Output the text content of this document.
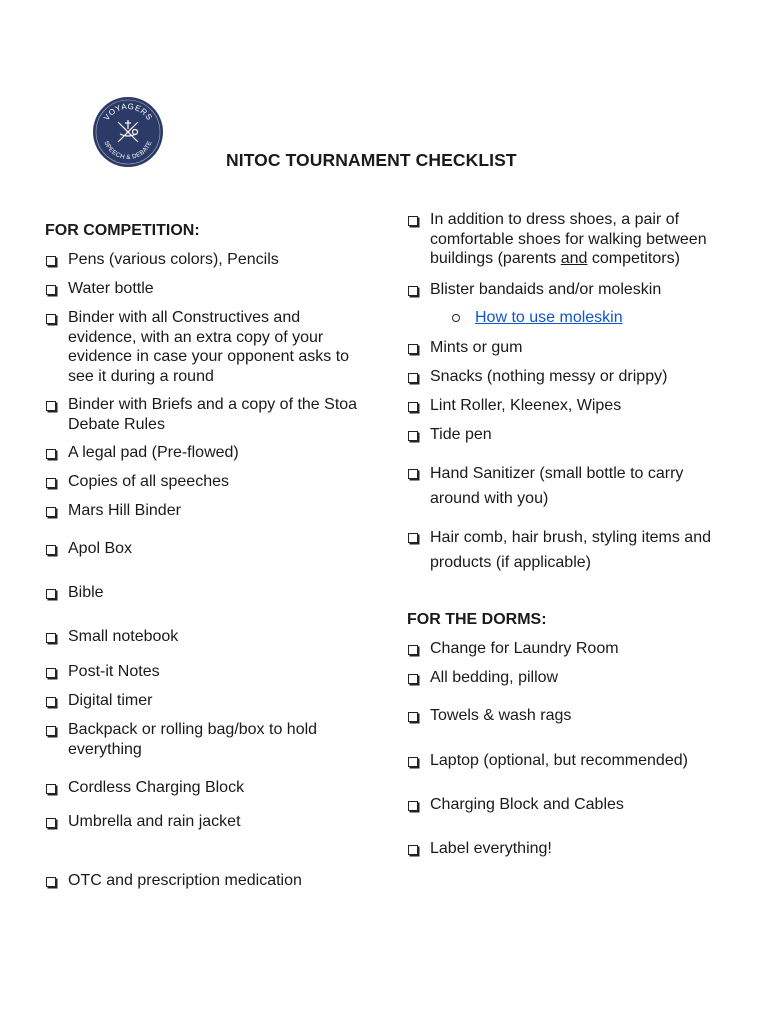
VOYAGERS
SPEECH & DEBATE
NITOC TOURNAMENT CHECKLIST
FOR COMPETITION:
Pens (various colors), Pencils
Water bottle
Binder with all Constructives and evidence, with an extra copy of your evidence in case your opponent asks to see it during a round
Binder with Briefs and a copy of the Stoa Debate Rules
A legal pad (Pre-flowed)
Copies of all speeches
Mars Hill Binder
Apol Box
Bible
Small notebook
Post-it Notes
Digital timer
Backpack or rolling bag/box to hold everything
Cordless Charging Block
Umbrella and rain jacket
OTC and prescription medication
In addition to dress shoes, a pair of comfortable shoes for walking between buildings (parents and competitors)
Blister bandaids and/or moleskin
Mints or gum
Snacks (nothing messy or drippy)
Lint Roller, Kleenex, Wipes
Tide pen
Hand Sanitizer (small bottle to carry around with you)
Hair comb, hair brush, styling items and products (if applicable)
How to use moleskin
FOR THE DORMS:
Change for Laundry Room
All bedding, pillow
Towels & wash rags
Laptop (optional, but recommended)
Charging Block and Cables
Label everything!
